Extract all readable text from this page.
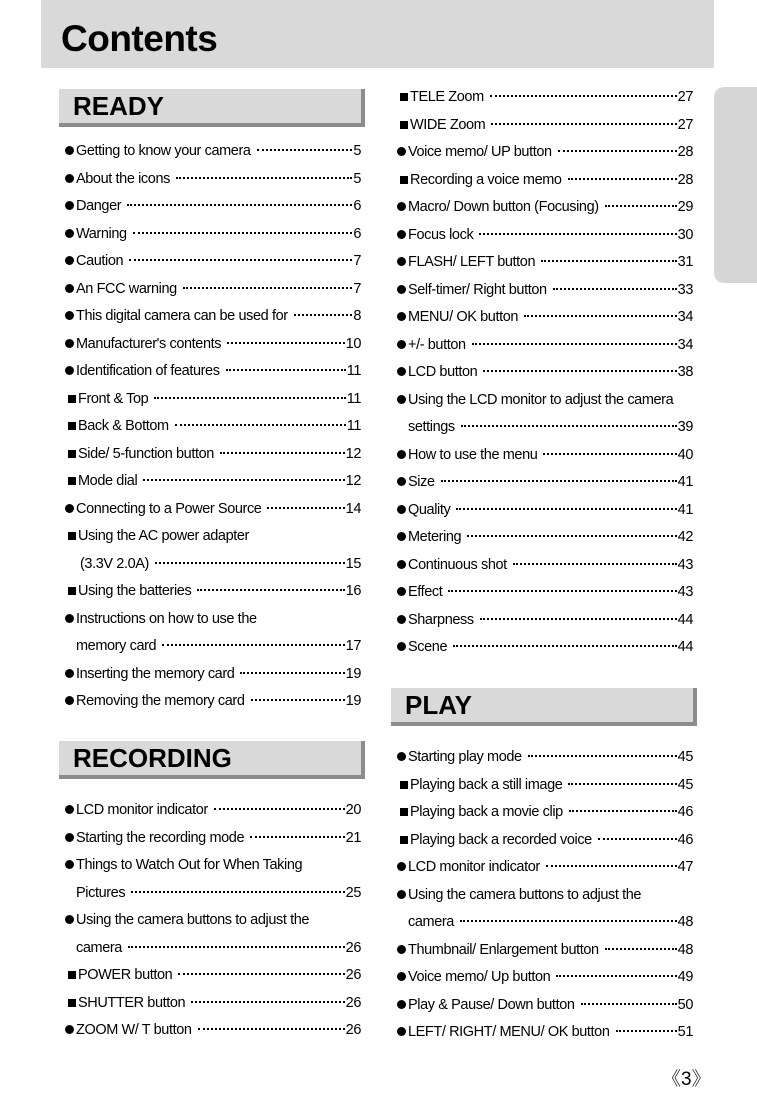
Contents
READY
Getting to know your camera	5
About the icons	5
Danger	6
Warning	6
Caution	7
An FCC warning	7
This digital camera can be used for	8
Manufacturer's contents	10
Identification of features	11
Front & Top	11
Back & Bottom	11
Side/ 5-function button	12
Mode dial	12
Connecting to a Power Source	14
Using the AC power adapter
(3.3V 2.0A)	15
Using the batteries	16
Instructions on how to use the
memory card	17
Inserting the memory card	19
Removing the memory card	19
RECORDING
LCD monitor indicator	20
Starting the recording mode	21
Things to Watch Out for When Taking
Pictures	25
Using the camera buttons to adjust the
camera	26
POWER button	26
SHUTTER button	26
ZOOM W/ T button	26
TELE Zoom	27
WIDE Zoom	27
Voice memo/ UP button	28
Recording a voice memo	28
Macro/ Down button (Focusing)	29
Focus lock	30
FLASH/ LEFT button	31
Self-timer/ Right button	33
MENU/ OK button	34
+/- button	34
LCD button	38
Using the LCD monitor to adjust the camera
settings	39
How to use the menu	40
Size	41
Quality	41
Metering	42
Continuous shot	43
Effect	43
Sharpness	44
Scene	44
PLAY
Starting play mode	45
Playing back a still image	45
Playing back a movie clip	46
Playing back a recorded voice	46
LCD monitor indicator	47
Using the camera buttons to adjust the
camera	48
Thumbnail/ Enlargement button	48
Voice memo/ Up button	49
Play & Pause/ Down button	50
LEFT/ RIGHT/ MENU/ OK button	51
《3》
